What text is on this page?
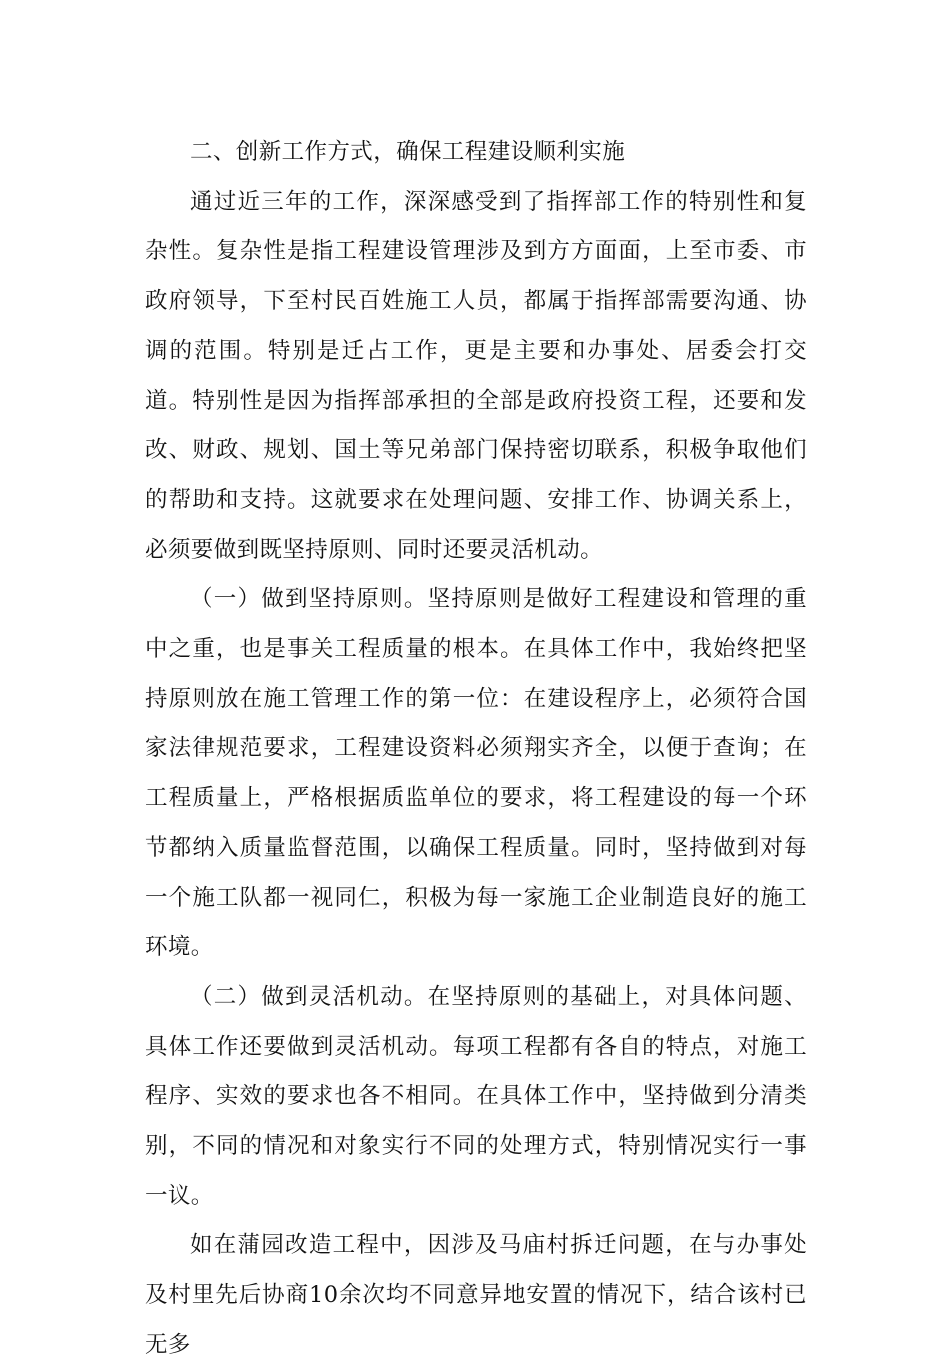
二、创新工作方式，确保工程建设顺利实施

通过近三年的工作，深深感受到了指挥部工作的特别性和复杂性。复杂性是指工程建设管理涉及到方方面面，上至市委、市政府领导，下至村民百姓施工人员，都属于指挥部需要沟通、协调的范围。特别是迁占工作，更是主要和办事处、居委会打交道。特别性是因为指挥部承担的全部是政府投资工程，还要和发改、财政、规划、国土等兄弟部门保持密切联系，积极争取他们的帮助和支持。这就要求在处理问题、安排工作、协调关系上，必须要做到既坚持原则、同时还要灵活机动。

（一）做到坚持原则。坚持原则是做好工程建设和管理的重中之重，也是事关工程质量的根本。在具体工作中，我始终把坚持原则放在施工管理工作的第一位：在建设程序上，必须符合国家法律规范要求，工程建设资料必须翔实齐全，以便于查询；在工程质量上，严格根据质监单位的要求，将工程建设的每一个环节都纳入质量监督范围，以确保工程质量。同时，坚持做到对每一个施工队都一视同仁，积极为每一家施工企业制造良好的施工环境。

（二）做到灵活机动。在坚持原则的基础上，对具体问题、具体工作还要做到灵活机动。每项工程都有各自的特点，对施工程序、实效的要求也各不相同。在具体工作中，坚持做到分清类别，不同的情况和对象实行不同的处理方式，特别情况实行一事一议。

如在蒲园改造工程中，因涉及马庙村拆迁问题，在与办事处及村里先后协商10余次均不同意异地安置的情况下，结合该村已无多
